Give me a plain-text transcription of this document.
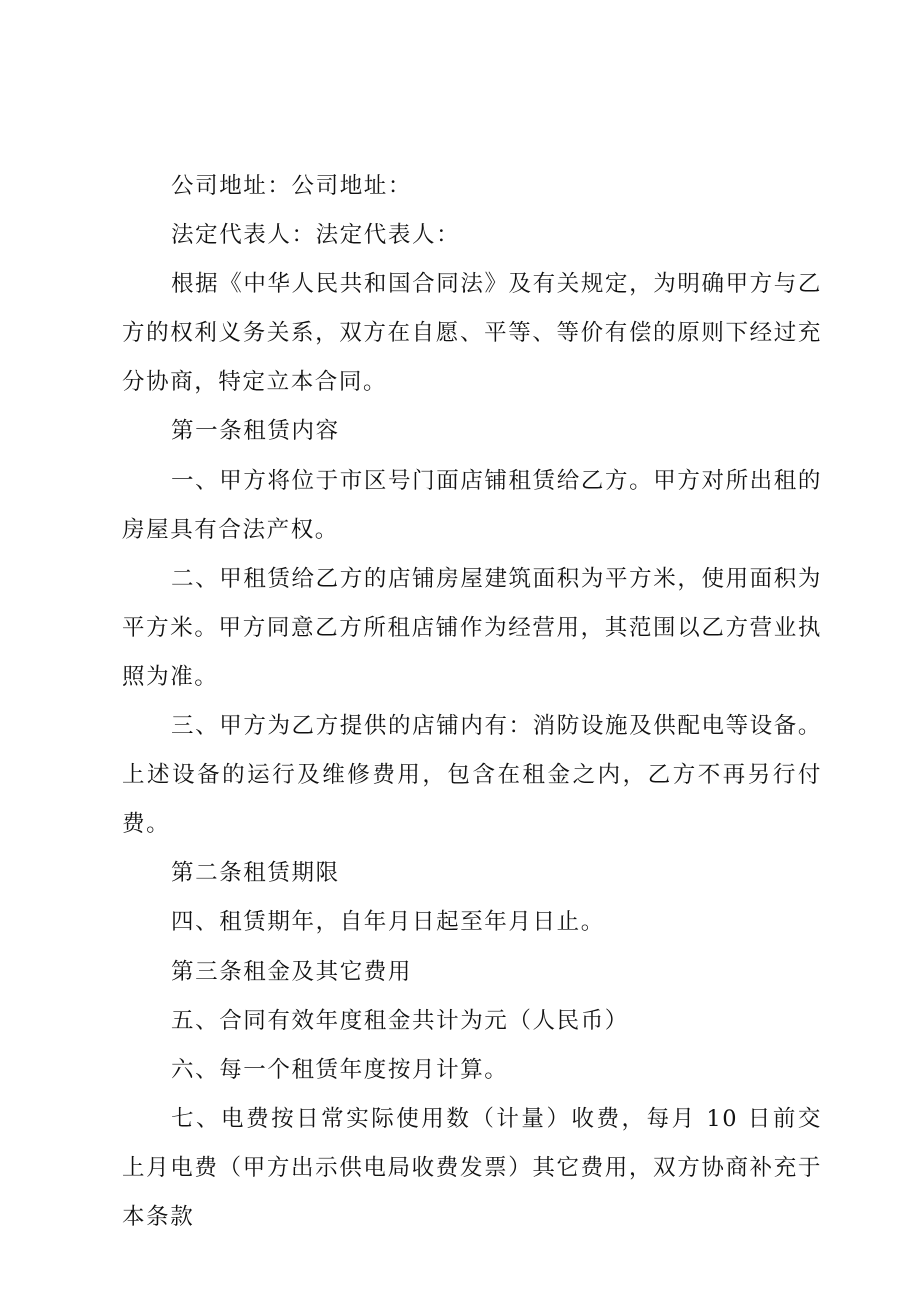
公司地址：公司地址：

法定代表人：法定代表人：

根据《中华人民共和国合同法》及有关规定，为明确甲方与乙方的权利义务关系，双方在自愿、平等、等价有偿的原则下经过充分协商，特定立本合同。

第一条租赁内容

一、甲方将位于市区号门面店铺租赁给乙方。甲方对所出租的房屋具有合法产权。

二、甲租赁给乙方的店铺房屋建筑面积为平方米，使用面积为平方米。甲方同意乙方所租店铺作为经营用，其范围以乙方营业执照为准。

三、甲方为乙方提供的店铺内有：消防设施及供配电等设备。上述设备的运行及维修费用，包含在租金之内，乙方不再另行付费。

第二条租赁期限

四、租赁期年，自年月日起至年月日止。

第三条租金及其它费用

五、合同有效年度租金共计为元（人民币）

六、每一个租赁年度按月计算。

七、电费按日常实际使用数（计量）收费，每月 10 日前交上月电费（甲方出示供电局收费发票）其它费用，双方协商补充于本条款
